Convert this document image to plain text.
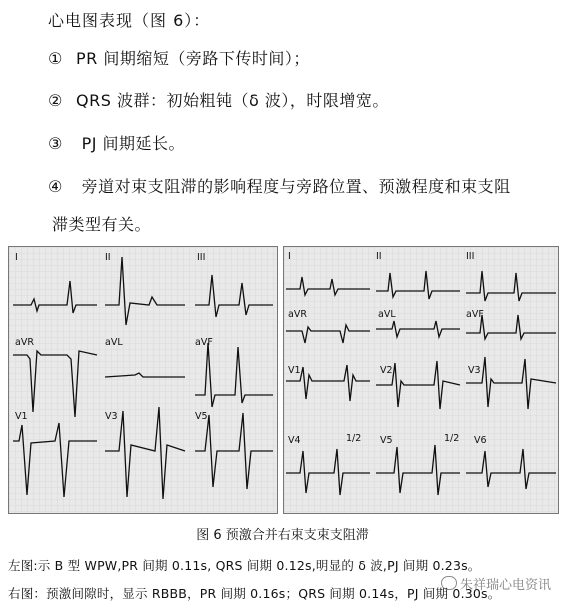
心电图表现（图 6）：
① PR 间期缩短（旁路下传时间）；
② QRS 波群：初始粗钝（δ 波），时限增宽。
③ PJ 间期延长。
④ 旁道对束支阻滞的影响程度与旁路位置、预激程度和束支阻
滞类型有关。
I	II	III
aVR	aVL	aVF
V1	V3	V5
I	II	III
aVR	aVL	aVF
V1	V2	V3
V4	V5	V6
1/2	1/2
图 6 预激合并右束支束支阻滞
左图:示 B 型 WPW,PR 间期 0.11s, QRS 间期 0.12s,明显的 δ 波,PJ 间期 0.23s。
右图：预激间隙时，显示 RBBB，PR 间期 0.16s；QRS 间期 0.14s，PJ 间期 0.30s。
朱祥瑞心电资讯
